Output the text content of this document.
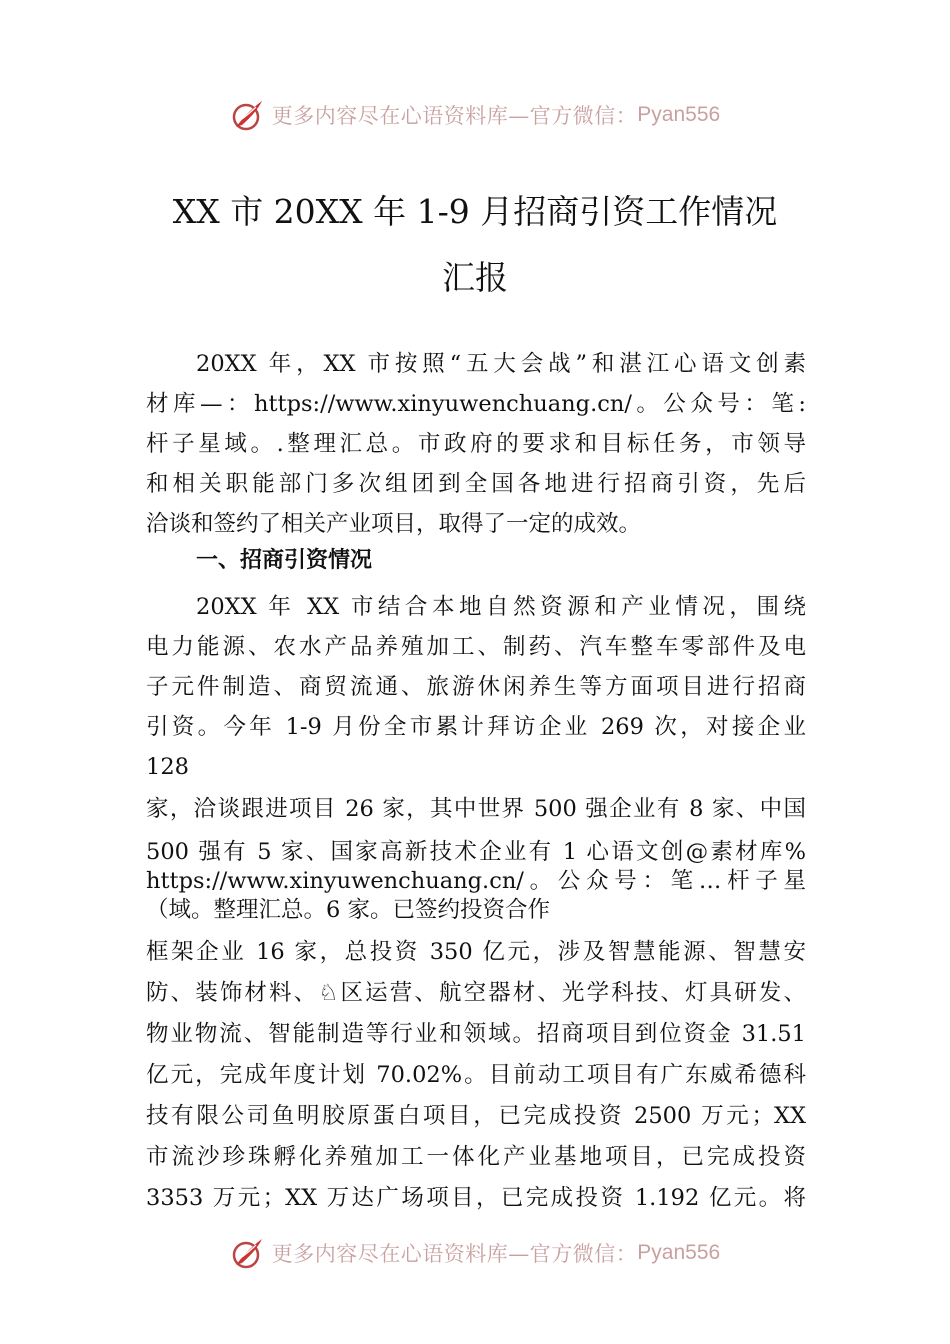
更多内容尽在心语资料库—官方微信： Pyan556
XX 市 20XX 年 1-9 月招商引资工作情况
汇报
20XX 年，XX 市按照“五大会战”和湛江心语文创素
材库—：https://www.xinyuwenchuang.cn/。公众号：笔:
杆子星域。.整理汇总。市政府的要求和目标任务，市领导
和相关职能部门多次组团到全国各地进行招商引资，先后
洽谈和签约了相关产业项目，取得了一定的成效。
一、招商引资情况
20XX 年 XX 市结合本地自然资源和产业情况，围绕
电力能源、农水产品养殖加工、制药、汽车整车零部件及电
子元件制造、商贸流通、旅游休闲养生等方面项目进行招商
引资。今年 1-9 月份全市累计拜访企业 269 次，对接企业
128
家，洽谈跟进项目 26 家，其中世界 500 强企业有 8 家、中国
500 强有 5 家、国家高新技术企业有 1 心语文创@素材库%
https://www.xinyuwenchuang.cn/。公众号：笔…杆子星
（域。整理汇总。6 家。已签约投资合作
框架企业 16 家，总投资 350 亿元，涉及智慧能源、智慧安
防、装饰材料、♘区运营、航空器材、光学科技、灯具研发、
物业物流、智能制造等行业和领域。招商项目到位资金 31.51
亿元，完成年度计划 70.02%。目前动工项目有广东威希德科
技有限公司鱼明胶原蛋白项目，已完成投资 2500 万元；XX
市流沙珍珠孵化养殖加工一体化产业基地项目，已完成投资
3353 万元；XX 万达广场项目，已完成投资 1.192 亿元。将
更多内容尽在心语资料库—官方微信： Pyan556
